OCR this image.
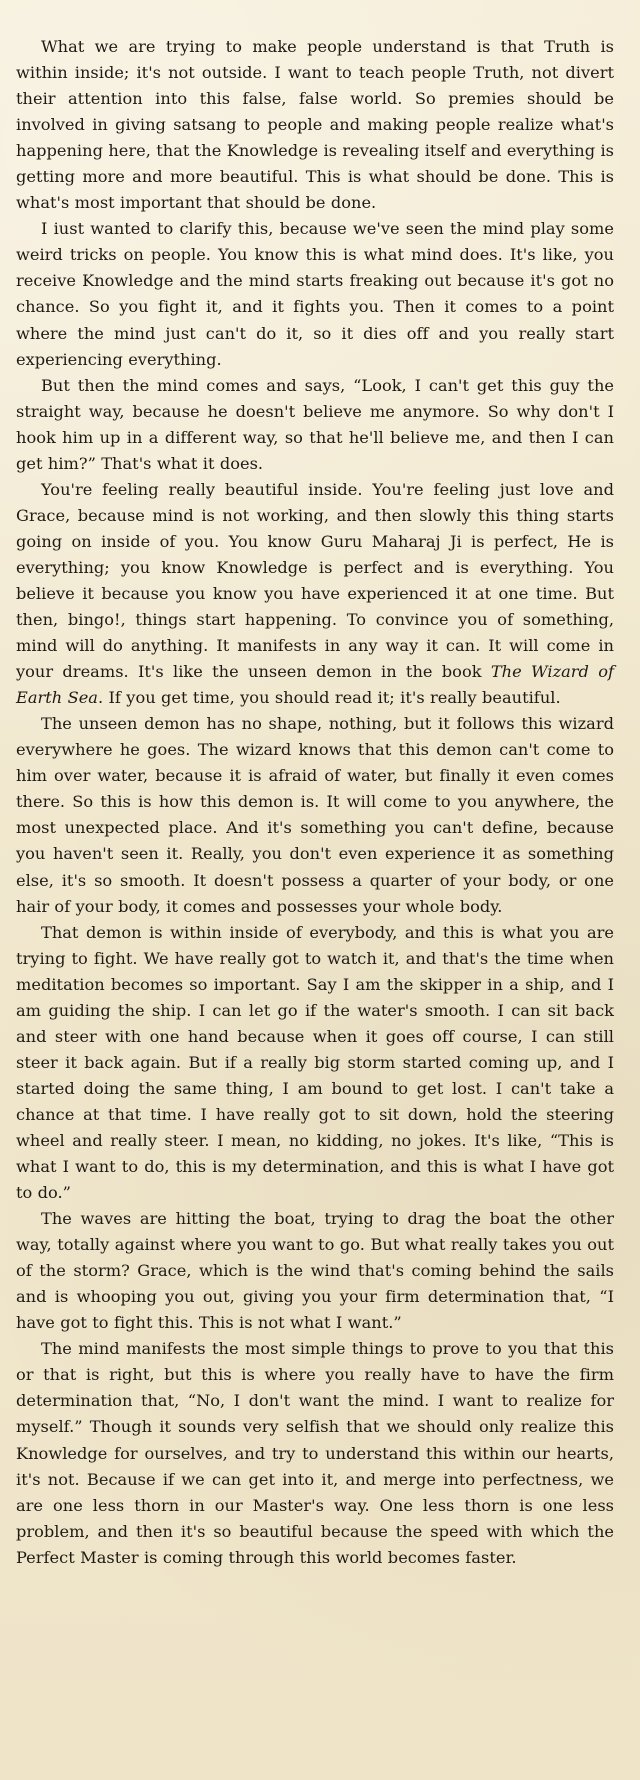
What we are trying to make people understand is that Truth is within inside; it's not outside. I want to teach people Truth, not divert their attention into this false, false world. So premies should be involved in giving satsang to people and making people realize what's happening here, that the Knowledge is revealing itself and everything is getting more and more beautiful. This is what should be done. This is what's most important that should be done.

I iust wanted to clarify this, because we've seen the mind play some weird tricks on people. You know this is what mind does. It's like, you receive Knowledge and the mind starts freaking out because it's got no chance. So you fight it, and it fights you. Then it comes to a point where the mind just can't do it, so it dies off and you really start experiencing everything.

But then the mind comes and says, “Look, I can't get this guy the straight way, because he doesn't believe me anymore. So why don't I hook him up in a different way, so that he'll believe me, and then I can get him?” That's what it does.

You're feeling really beautiful inside. You're feeling just love and Grace, because mind is not working, and then slowly this thing starts going on inside of you. You know Guru Maharaj Ji is perfect, He is everything; you know Knowledge is perfect and is everything. You believe it because you know you have experienced it at one time. But then, bingo!, things start happening. To convince you of something, mind will do anything. It manifests in any way it can. It will come in your dreams. It's like the unseen demon in the book The Wizard of Earth Sea. If you get time, you should read it; it's really beautiful.

The unseen demon has no shape, nothing, but it follows this wizard everywhere he goes. The wizard knows that this demon can't come to him over water, because it is afraid of water, but finally it even comes there. So this is how this demon is. It will come to you anywhere, the most unexpected place. And it's something you can't define, because you haven't seen it. Really, you don't even experience it as something else, it's so smooth. It doesn't possess a quarter of your body, or one hair of your body, it comes and possesses your whole body.

That demon is within inside of everybody, and this is what you are trying to fight. We have really got to watch it, and that's the time when meditation becomes so important. Say I am the skipper in a ship, and I am guiding the ship. I can let go if the water's smooth. I can sit back and steer with one hand because when it goes off course, I can still steer it back again. But if a really big storm started coming up, and I started doing the same thing, I am bound to get lost. I can't take a chance at that time. I have really got to sit down, hold the steering wheel and really steer. I mean, no kidding, no jokes. It's like, “This is what I want to do, this is my determination, and this is what I have got to do.”

The waves are hitting the boat, trying to drag the boat the other way, totally against where you want to go. But what really takes you out of the storm? Grace, which is the wind that's coming behind the sails and is whooping you out, giving you your firm determination that, “I have got to fight this. This is not what I want.”

The mind manifests the most simple things to prove to you that this or that is right, but this is where you really have to have the firm determination that, “No, I don't want the mind. I want to realize for myself.” Though it sounds very selfish that we should only realize this Knowledge for ourselves, and try to understand this within our hearts, it's not. Because if we can get into it, and merge into perfectness, we are one less thorn in our Master's way. One less thorn is one less problem, and then it's so beautiful because the speed with which the Perfect Master is coming through this world becomes faster.
